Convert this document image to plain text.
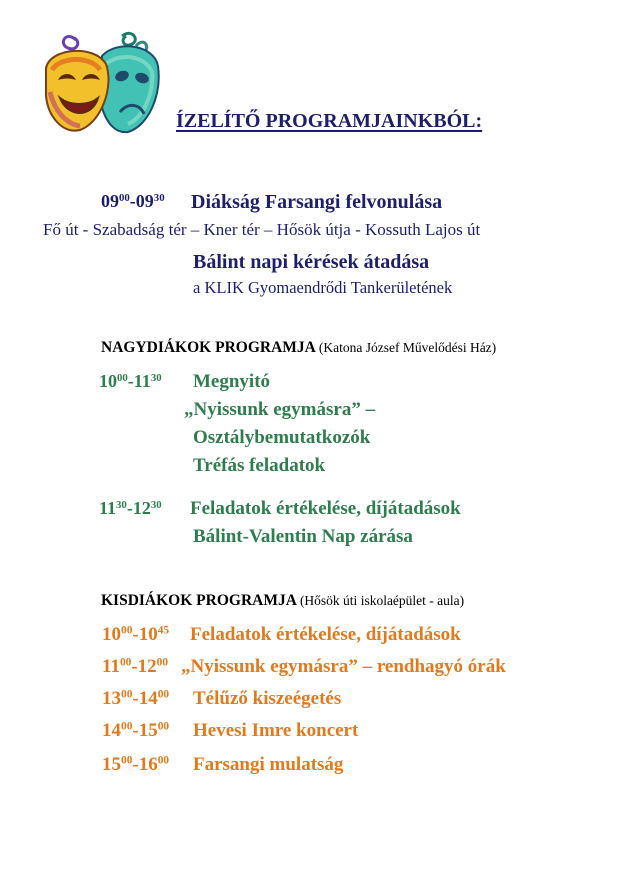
ÍZELÍTŐ PROGRAMJAINKBÓL:
$09^{00}-09^{30}$ Diákság Farsangi felvonulása
Fő út - Szabadság tér – Kner tér – Hősök útja - Kossuth Lajos út
Bálint napi kérések átadása
a KLIK Gyomaendrődi Tankerületének
NAGYDIÁKOK PROGRAMJA (Katona József Művelődési Ház)
$10^{00}-11^{30}$ Megnyitó
„Nyissunk egymásra” –
Osztálybemutatkozók
Tréfás feladatok
$11^{30}-12^{30}$ Feladatok értékelése, díjátadások
Bálint-Valentin Nap zárása
KISDIÁKOK PROGRAMJA (Hősök úti iskolaépület - aula)
$10^{00}-10^{45}$ Feladatok értékelése, díjátadások
$11^{00}-12^{00}$ „Nyissunk egymásra” – rendhagyó órák
$13^{00}-14^{00}$ Télűző kiszeégetés
$14^{00}-15^{00}$ Hevesi Imre koncert
$15^{00}-16^{00}$ Farsangi mulatság
